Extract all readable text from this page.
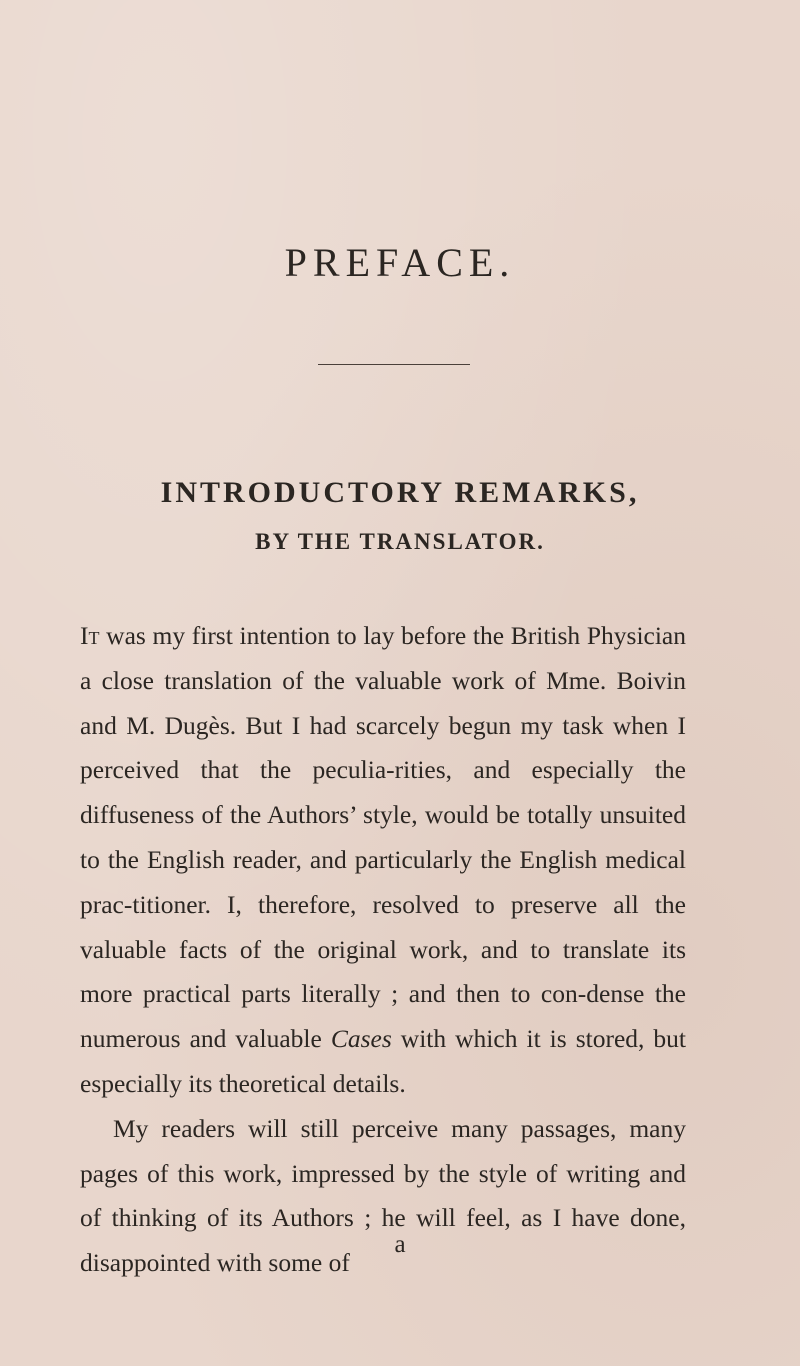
PREFACE.
INTRODUCTORY REMARKS,
BY THE TRANSLATOR.

It was my first intention to lay before the British Physician a close translation of the valuable work of Mme. Boivin and M. Dugès. But I had scarcely begun my task when I perceived that the peculia-rities, and especially the diffuseness of the Authors’ style, would be totally unsuited to the English reader, and particularly the English medical prac-titioner. I, therefore, resolved to preserve all the valuable facts of the original work, and to translate its more practical parts literally ; and then to con-dense the numerous and valuable Cases with which it is stored, but especially its theoretical details.

My readers will still perceive many passages, many pages of this work, impressed by the style of writing and of thinking of its Authors ; he will feel, as I have done, disappointed with some of

a
